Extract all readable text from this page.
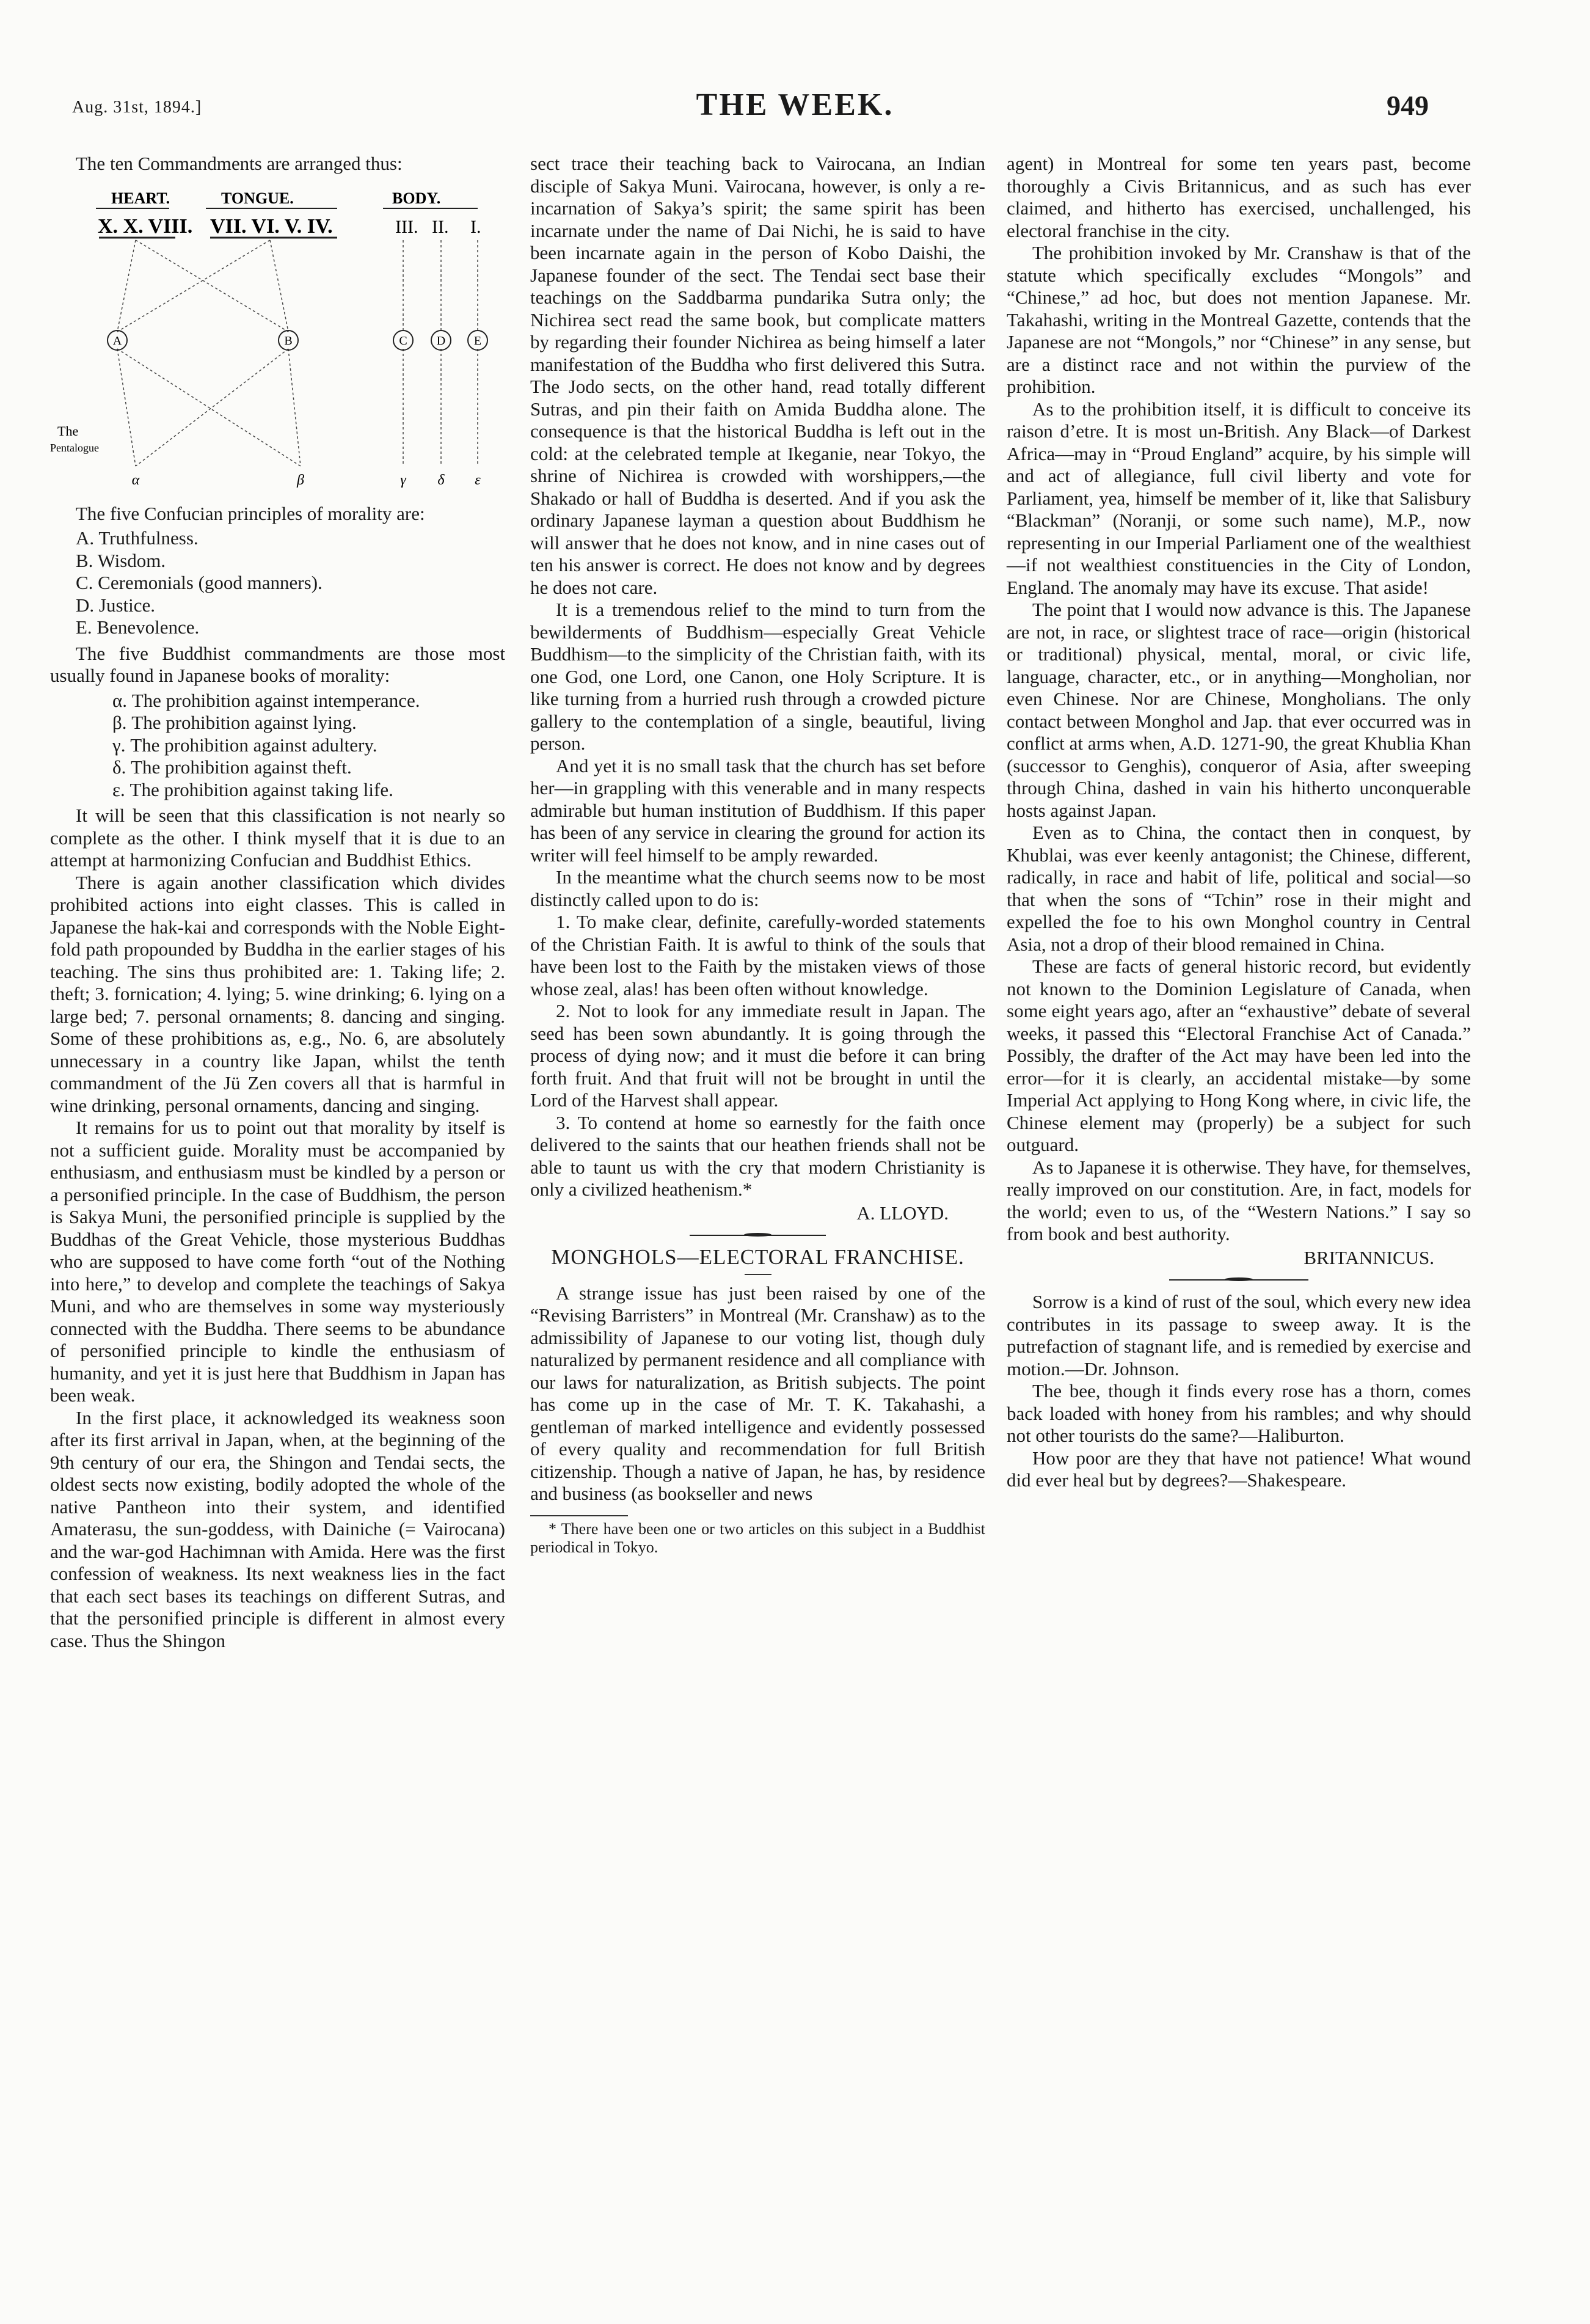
Aug. 31st, 1894.]	THE WEEK.	949

The ten Commandments are arranged thus:

HEART.	TONGUE.	BODY.
X. X. VIII. VII. VI. V. IV.	III. II. I.
A	B	C D E
The
Pentalogue
α	β	γ δ ε

The five Confucian principles of morality are:

A. Truthfulness.
B. Wisdom.
C. Ceremonials (good manners).
D. Justice.
E. Benevolence.

The five Buddhist commandments are those most usually found in Japanese books of morality:

α. The prohibition against intemperance.
β. The prohibition against lying.
γ. The prohibition against adultery.
δ. The prohibition against theft.
ε. The prohibition against taking life.

It will be seen that this classification is not nearly so complete as the other. I think myself that it is due to an attempt at harmonizing Confucian and Buddhist Ethics.

There is again another classification which divides prohibited actions into eight classes. This is called in Japanese the hak-kai and corresponds with the Noble Eight-fold path propounded by Buddha in the earlier stages of his teaching. The sins thus prohibited are: 1. Taking life; 2. theft; 3. fornication; 4. lying; 5. wine drinking; 6. lying on a large bed; 7. personal ornaments; 8. dancing and singing. Some of these prohibitions as, e.g., No. 6, are absolutely unnecessary in a country like Japan, whilst the tenth commandment of the Jü Zen covers all that is harmful in wine drinking, personal ornaments, dancing and singing.

It remains for us to point out that morality by itself is not a sufficient guide. Morality must be accompanied by enthusiasm, and enthusiasm must be kindled by a person or a personified principle. In the case of Buddhism, the person is Sakya Muni, the personified principle is supplied by the Buddhas of the Great Vehicle, those mysterious Buddhas who are supposed to have come forth “out of the Nothing into here,” to develop and complete the teachings of Sakya Muni, and who are themselves in some way mysteriously connected with the Buddha. There seems to be abundance of personified principle to kindle the enthusiasm of humanity, and yet it is just here that Buddhism in Japan has been weak.

In the first place, it acknowledged its weakness soon after its first arrival in Japan, when, at the beginning of the 9th century of our era, the Shingon and Tendai sects, the oldest sects now existing, bodily adopted the whole of the native Pantheon into their system, and identified Amaterasu, the sun-goddess, with Dainiche (= Vairocana) and the war-god Hachimnan with Amida. Here was the first confession of weakness. Its next weakness lies in the fact that each sect bases its teachings on different Sutras, and that the personified principle is different in almost every case. Thus the Shingon

sect trace their teaching back to Vairocana, an Indian disciple of Sakya Muni. Vairocana, however, is only a re-incarnation of Sakya’s spirit; the same spirit has been incarnate under the name of Dai Nichi, he is said to have been incarnate again in the person of Kobo Daishi, the Japanese founder of the sect. The Tendai sect base their teachings on the Saddbarma pundarika Sutra only; the Nichirea sect read the same book, but complicate matters by regarding their founder Nichirea as being himself a later manifestation of the Buddha who first delivered this Sutra. The Jodo sects, on the other hand, read totally different Sutras, and pin their faith on Amida Buddha alone. The consequence is that the historical Buddha is left out in the cold: at the celebrated temple at Ikeganie, near Tokyo, the shrine of Nichirea is crowded with worshippers,—the Shakado or hall of Buddha is deserted. And if you ask the ordinary Japanese layman a question about Buddhism he will answer that he does not know, and in nine cases out of ten his answer is correct. He does not know and by degrees he does not care.

It is a tremendous relief to the mind to turn from the bewilderments of Buddhism—especially Great Vehicle Buddhism—to the simplicity of the Christian faith, with its one God, one Lord, one Canon, one Holy Scripture. It is like turning from a hurried rush through a crowded picture gallery to the contemplation of a single, beautiful, living person.

And yet it is no small task that the church has set before her—in grappling with this venerable and in many respects admirable but human institution of Buddhism. If this paper has been of any service in clearing the ground for action its writer will feel himself to be amply rewarded.

In the meantime what the church seems now to be most distinctly called upon to do is:

1. To make clear, definite, carefully-worded statements of the Christian Faith. It is awful to think of the souls that have been lost to the Faith by the mistaken views of those whose zeal, alas! has been often without knowledge.

2. Not to look for any immediate result in Japan. The seed has been sown abundantly. It is going through the process of dying now; and it must die before it can bring forth fruit. And that fruit will not be brought in until the Lord of the Harvest shall appear.

3. To contend at home so earnestly for the faith once delivered to the saints that our heathen friends shall not be able to taunt us with the cry that modern Christianity is only a civilized heathenism.*

A. LLOYD.
MONGHOLS—ELECTORAL FRANCHISE.

A strange issue has just been raised by one of the “Revising Barristers” in Montreal (Mr. Cranshaw) as to the admissibility of Japanese to our voting list, though duly naturalized by permanent residence and all compliance with our laws for naturalization, as British subjects. The point has come up in the case of Mr. T. K. Takahashi, a gentleman of marked intelligence and evidently possessed of every quality and recommendation for full British citizenship. Though a native of Japan, he has, by residence and business (as bookseller and news

* There have been one or two articles on this subject in a Buddhist periodical in Tokyo.

agent) in Montreal for some ten years past, become thoroughly a Civis Britannicus, and as such has ever claimed, and hitherto has exercised, unchallenged, his electoral franchise in the city.

The prohibition invoked by Mr. Cranshaw is that of the statute which specifically excludes “Mongols” and “Chinese,” ad hoc, but does not mention Japanese. Mr. Takahashi, writing in the Montreal Gazette, contends that the Japanese are not “Mongols,” nor “Chinese” in any sense, but are a distinct race and not within the purview of the prohibition.

As to the prohibition itself, it is difficult to conceive its raison d’etre. It is most un-British. Any Black—of Darkest Africa—may in “Proud England” acquire, by his simple will and act of allegiance, full civil liberty and vote for Parliament, yea, himself be member of it, like that Salisbury “Blackman” (Noranji, or some such name), M.P., now representing in our Imperial Parliament one of the wealthiest—if not wealthiest constituencies in the City of London, England. The anomaly may have its excuse. That aside!

The point that I would now advance is this. The Japanese are not, in race, or slightest trace of race—origin (historical or traditional) physical, mental, moral, or civic life, language, character, etc., or in anything—Mongholian, nor even Chinese. Nor are Chinese, Mongholians. The only contact between Monghol and Jap. that ever occurred was in conflict at arms when, A.D. 1271-90, the great Khublia Khan (successor to Genghis), conqueror of Asia, after sweeping through China, dashed in vain his hitherto unconquerable hosts against Japan.

Even as to China, the contact then in conquest, by Khublai, was ever keenly antagonist; the Chinese, different, radically, in race and habit of life, political and social—so that when the sons of “Tchin” rose in their might and expelled the foe to his own Monghol country in Central Asia, not a drop of their blood remained in China.

These are facts of general historic record, but evidently not known to the Dominion Legislature of Canada, when some eight years ago, after an “exhaustive” debate of several weeks, it passed this “Electoral Franchise Act of Canada.” Possibly, the drafter of the Act may have been led into the error—for it is clearly, an accidental mistake—by some Imperial Act applying to Hong Kong where, in civic life, the Chinese element may (properly) be a subject for such outguard.

As to Japanese it is otherwise. They have, for themselves, really improved on our constitution. Are, in fact, models for the world; even to us, of the “Western Nations.” I say so from book and best authority.

BRITANNICUS.

Sorrow is a kind of rust of the soul, which every new idea contributes in its passage to sweep away. It is the putrefaction of stagnant life, and is remedied by exercise and motion.—Dr. Johnson.

The bee, though it finds every rose has a thorn, comes back loaded with honey from his rambles; and why should not other tourists do the same?—Haliburton.

How poor are they that have not patience! What wound did ever heal but by degrees?—Shakespeare.
